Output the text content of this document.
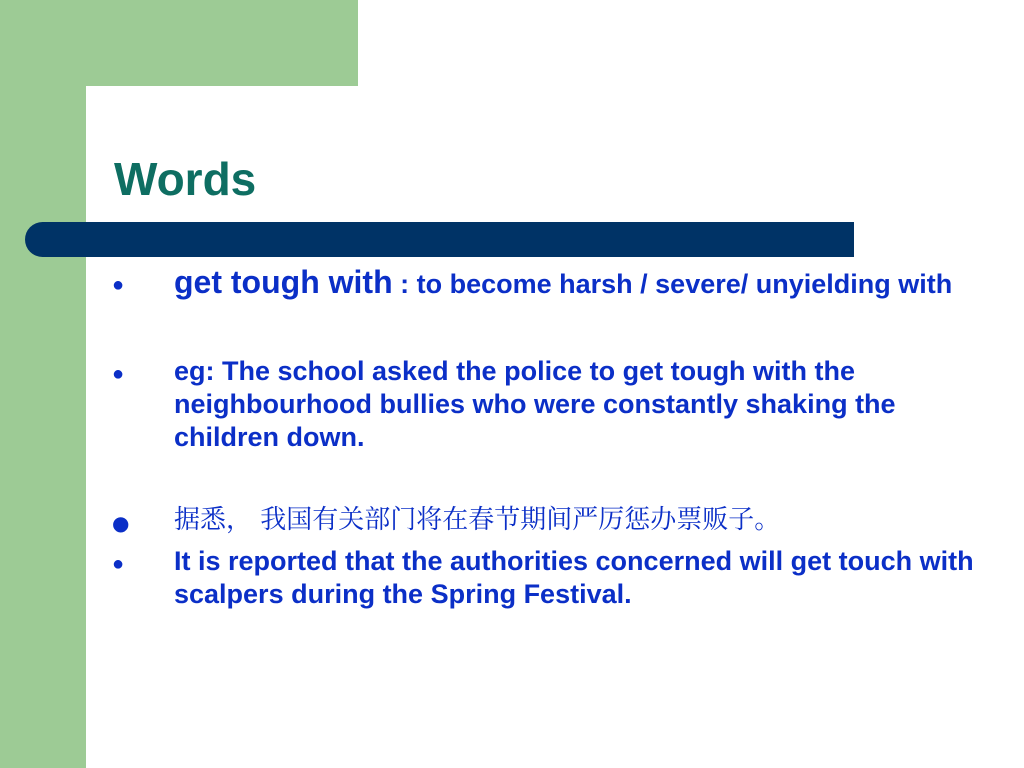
Words
● get tough with : to become harsh / severe/ unyielding with
● eg: The school asked the police to get tough with the neighbourhood bullies who were constantly shaking the children down.
● 据悉， 我国有关部门将在春节期间严厉惩办票贩子。
● It is reported that the authorities concerned will get touch with scalpers during the Spring Festival.
